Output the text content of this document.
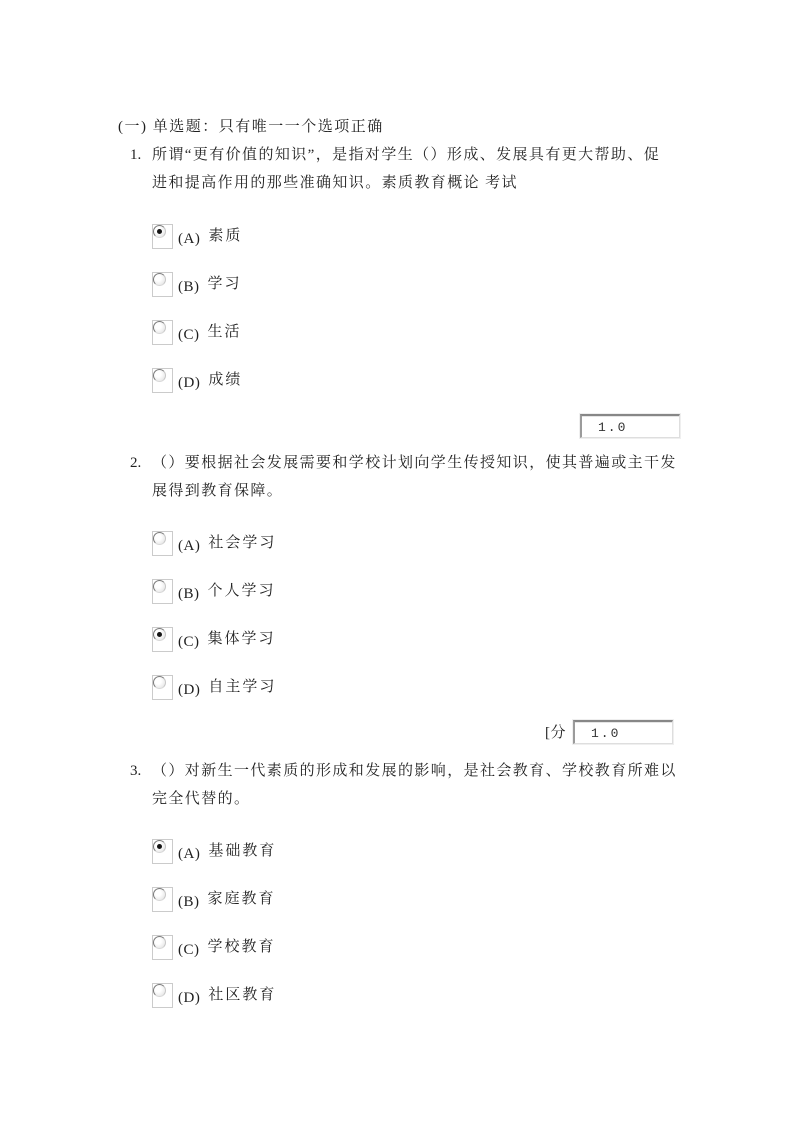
(一) 单选题：只有唯一一个选项正确
1. 所谓“更有价值的知识”，是指对学生（）形成、发展具有更大帮助、促
进和提高作用的那些准确知识。素质教育概论 考试
(A) 素质
(B) 学习
(C) 生活
(D) 成绩
1.0
2. （）要根据社会发展需要和学校计划向学生传授知识，使其普遍或主干发
展得到教育保障。
(A) 社会学习
(B) 个人学习
(C) 集体学习
(D) 自主学习
[分
1.0
3. （）对新生一代素质的形成和发展的影响，是社会教育、学校教育所难以
完全代替的。
(A) 基础教育
(B) 家庭教育
(C) 学校教育
(D) 社区教育
